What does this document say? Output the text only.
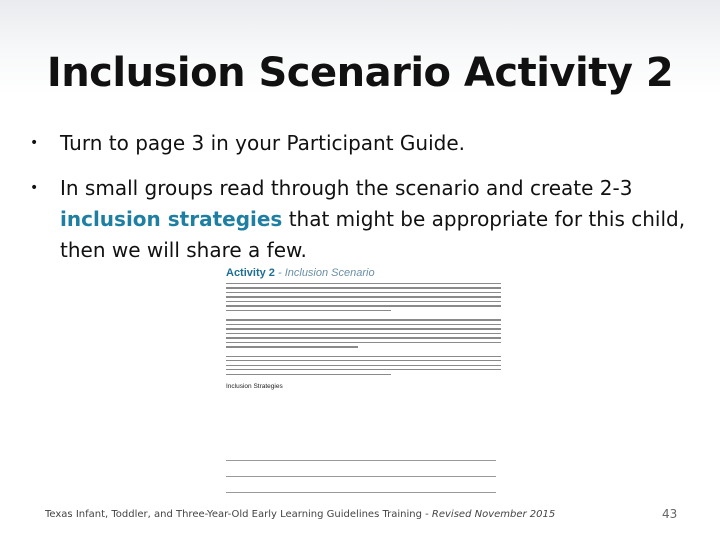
Inclusion Scenario Activity 2
• Turn to page 3 in your Participant Guide.
• In small groups read through the scenario and create 2-3 inclusion strategies that might be appropriate for this child, then we will share a few.
Activity 2 - Inclusion Scenario
Inclusion Strategies
Texas Infant, Toddler, and Three-Year-Old Early Learning Guidelines Training - Revised November 2015	43
